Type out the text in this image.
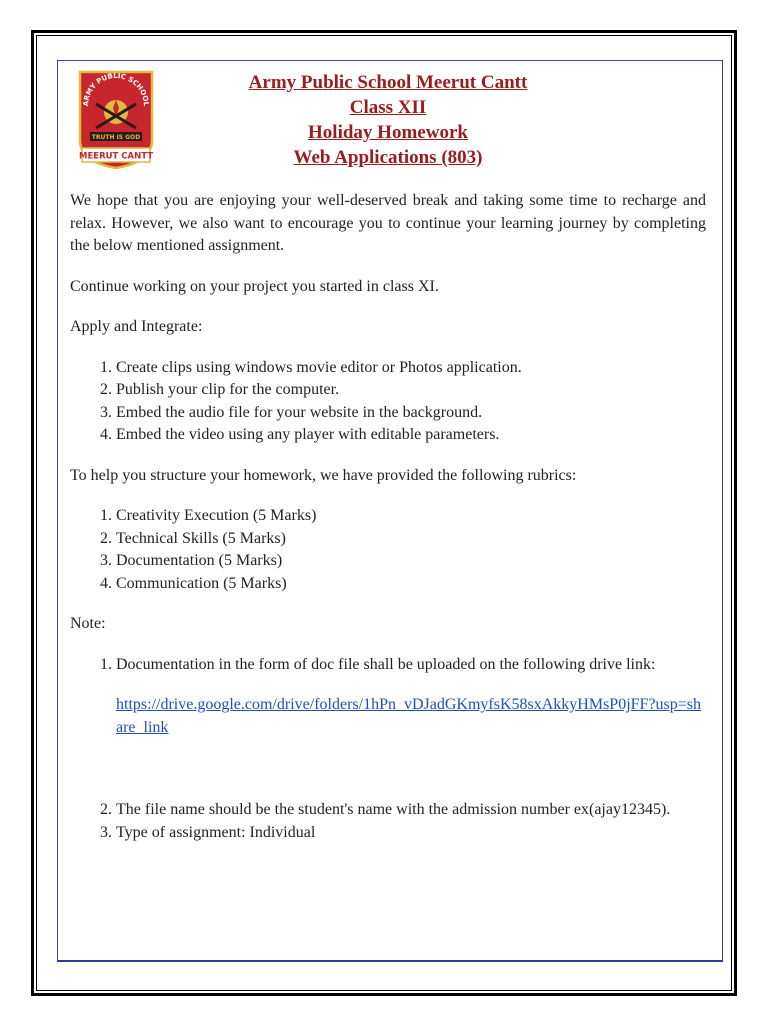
ARMY PUBLIC SCHOOL
TRUTH IS GOD
MEERUT CANTT
Army Public School Meerut Cantt
Class XII
Holiday Homework
Web Applications (803)

We hope that you are enjoying your well-deserved break and taking some time to recharge and relax. However, we also want to encourage you to continue your learning journey by completing the below mentioned assignment.

Continue working on your project you started in class XI.

Apply and Integrate:

1. Create clips using windows movie editor or Photos application.
2. Publish your clip for the computer.
3. Embed the audio file for your website in the background.
4. Embed the video using any player with editable parameters.

To help you structure your homework, we have provided the following rubrics:

1. Creativity Execution (5 Marks)
2. Technical Skills (5 Marks)
3. Documentation (5 Marks)
4. Communication (5 Marks)

Note:

1. Documentation in the form of doc file shall be uploaded on the following drive link:
https://drive.google.com/drive/folders/1hPn_vDJadGKmyfsK58sxAkkyHMsP0jFF?usp=share_link
2. The file name should be the student's name with the admission number ex(ajay12345).
3. Type of assignment: Individual
